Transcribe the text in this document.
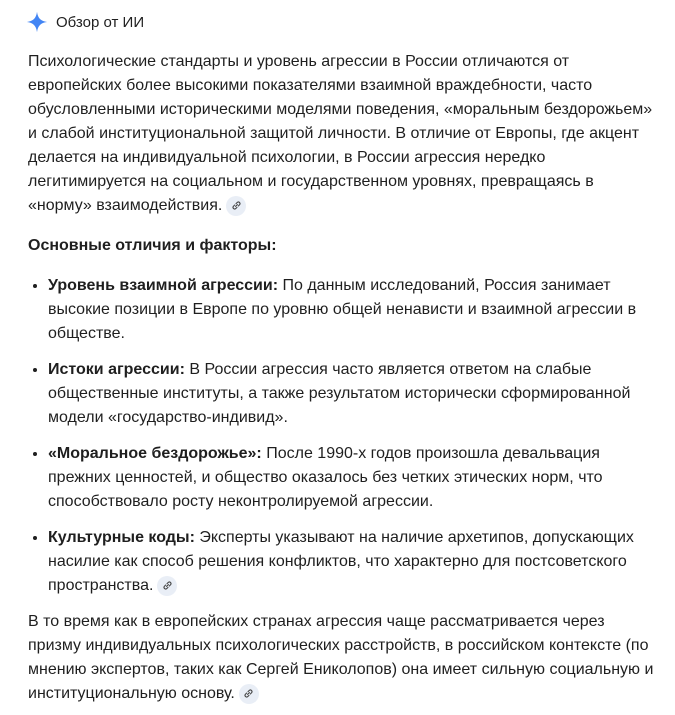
Обзор от ИИ

Психологические стандарты и уровень агрессии в России отличаются от европейских более высокими показателями взаимной враждебности, часто обусловленными историческими моделями поведения, «моральным бездорожьем» и слабой институциональной защитой личности. В отличие от Европы, где акцент делается на индивидуальной психологии, в России агрессия нередко легитимируется на социальном и государственном уровнях, превращаясь в «норму» взаимодействия.

Основные отличия и факторы:

• Уровень взаимной агрессии: По данным исследований, Россия занимает высокие позиции в Европе по уровню общей ненависти и взаимной агрессии в обществе.
• Истоки агрессии: В России агрессия часто является ответом на слабые общественные институты, а также результатом исторически сформированной модели «государство-индивид».
• «Моральное бездорожье»: После 1990-х годов произошла девальвация прежних ценностей, и общество оказалось без четких этических норм, что способствовало росту неконтролируемой агрессии.
• Культурные коды: Эксперты указывают на наличие архетипов, допускающих насилие как способ решения конфликтов, что характерно для постсоветского пространства.

В то время как в европейских странах агрессия чаще рассматривается через призму индивидуальных психологических расстройств, в российском контексте (по мнению экспертов, таких как Сергей Ениколопов) она имеет сильную социальную и институциональную основу.
